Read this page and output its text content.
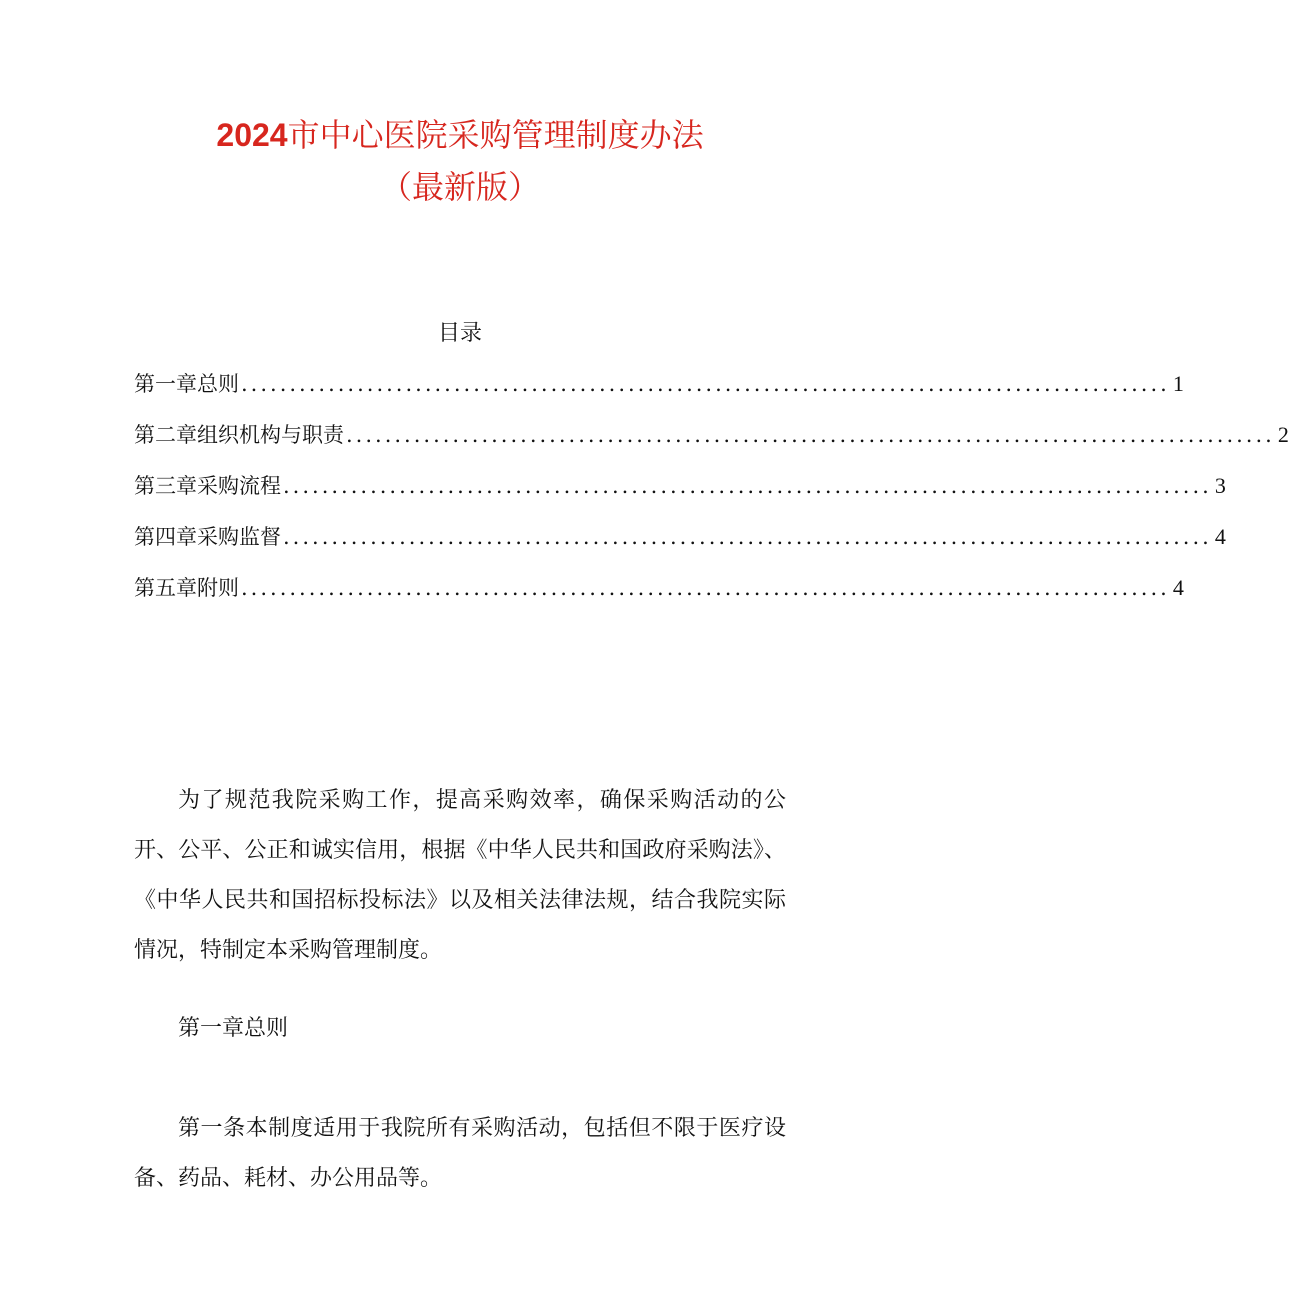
2024市中心医院采购管理制度办法
（最新版）
目录
第一章总则 ................................................................................................ 1
第二章组织机构与职责 ................................................................................................ 2
第三章采购流程 ................................................................................................ 3
第四章采购监督 ................................................................................................ 4
第五章附则 ................................................................................................ 4

为了规范我院采购工作，提高采购效率，确保采购活动的公开、公平、公正和诚实信用，根据《中华人民共和国政府采购法》、《中华人民共和国招标投标法》以及相关法律法规，结合我院实际情况，特制定本采购管理制度。

第一章总则

第一条本制度适用于我院所有采购活动，包括但不限于医疗设备、药品、耗材、办公用品等。
